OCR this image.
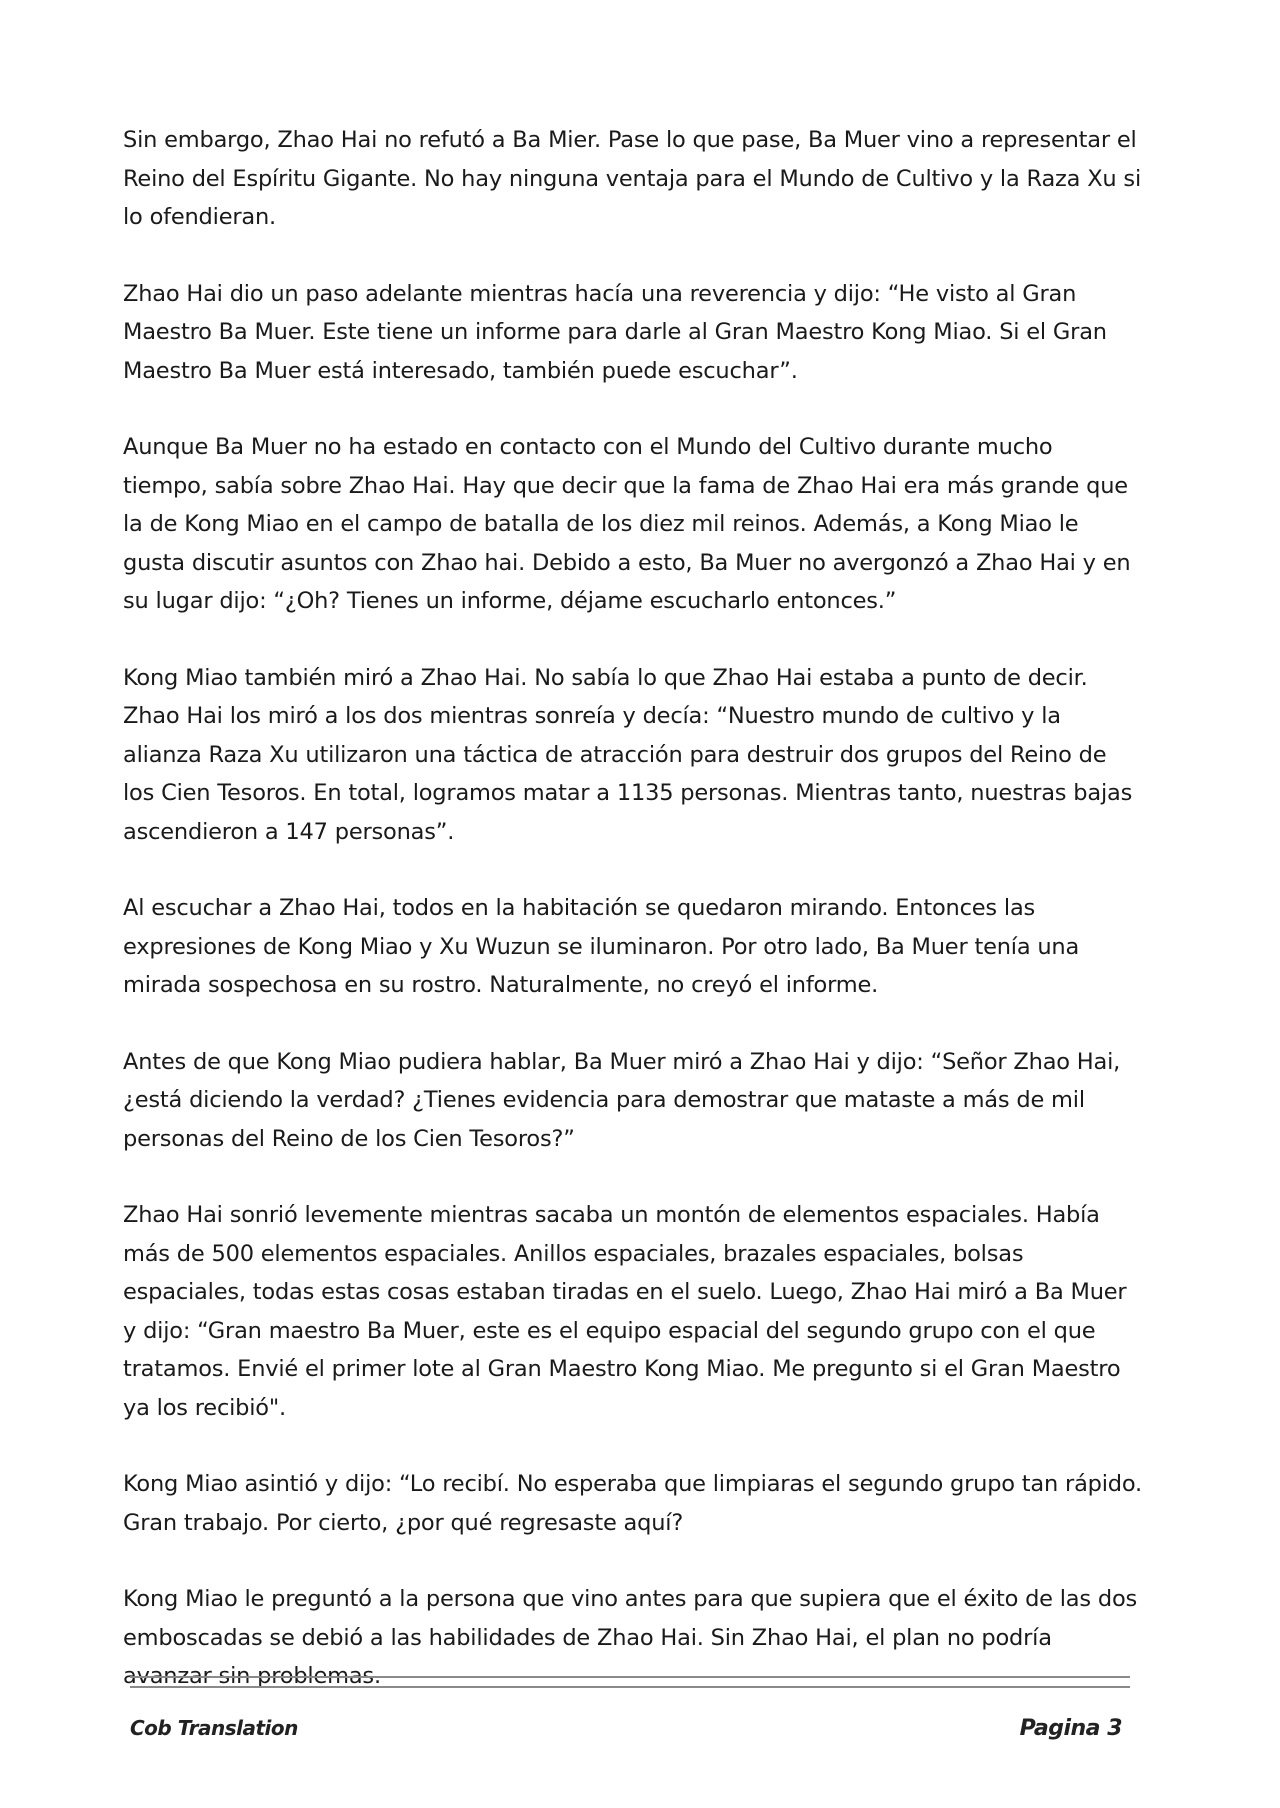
Sin embargo, Zhao Hai no refutó a Ba Mier. Pase lo que pase, Ba Muer vino a representar el Reino del Espíritu Gigante. No hay ninguna ventaja para el Mundo de Cultivo y la Raza Xu si lo ofendieran.

Zhao Hai dio un paso adelante mientras hacía una reverencia y dijo: “He visto al Gran Maestro Ba Muer. Este tiene un informe para darle al Gran Maestro Kong Miao. Si el Gran Maestro Ba Muer está interesado, también puede escuchar”.

Aunque Ba Muer no ha estado en contacto con el Mundo del Cultivo durante mucho tiempo, sabía sobre Zhao Hai. Hay que decir que la fama de Zhao Hai era más grande que la de Kong Miao en el campo de batalla de los diez mil reinos. Además, a Kong Miao le gusta discutir asuntos con Zhao hai. Debido a esto, Ba Muer no avergonzó a Zhao Hai y en su lugar dijo: “¿Oh? Tienes un informe, déjame escucharlo entonces.”

Kong Miao también miró a Zhao Hai. No sabía lo que Zhao Hai estaba a punto de decir. Zhao Hai los miró a los dos mientras sonreía y decía: “Nuestro mundo de cultivo y la alianza Raza Xu utilizaron una táctica de atracción para destruir dos grupos del Reino de los Cien Tesoros. En total, logramos matar a 1135 personas. Mientras tanto, nuestras bajas ascendieron a 147 personas”.

Al escuchar a Zhao Hai, todos en la habitación se quedaron mirando. Entonces las expresiones de Kong Miao y Xu Wuzun se iluminaron. Por otro lado, Ba Muer tenía una mirada sospechosa en su rostro. Naturalmente, no creyó el informe.

Antes de que Kong Miao pudiera hablar, Ba Muer miró a Zhao Hai y dijo: “Señor Zhao Hai, ¿está diciendo la verdad? ¿Tienes evidencia para demostrar que mataste a más de mil personas del Reino de los Cien Tesoros?”

Zhao Hai sonrió levemente mientras sacaba un montón de elementos espaciales. Había más de 500 elementos espaciales. Anillos espaciales, brazales espaciales, bolsas espaciales, todas estas cosas estaban tiradas en el suelo. Luego, Zhao Hai miró a Ba Muer y dijo: “Gran maestro Ba Muer, este es el equipo espacial del segundo grupo con el que tratamos. Envié el primer lote al Gran Maestro Kong Miao. Me pregunto si el Gran Maestro ya los recibió".

Kong Miao asintió y dijo: “Lo recibí. No esperaba que limpiaras el segundo grupo tan rápido. Gran trabajo. Por cierto, ¿por qué regresaste aquí?

Kong Miao le preguntó a la persona que vino antes para que supiera que el éxito de las dos emboscadas se debió a las habilidades de Zhao Hai. Sin Zhao Hai, el plan no podría avanzar sin problemas.

Cob Translation	Pagina 3
